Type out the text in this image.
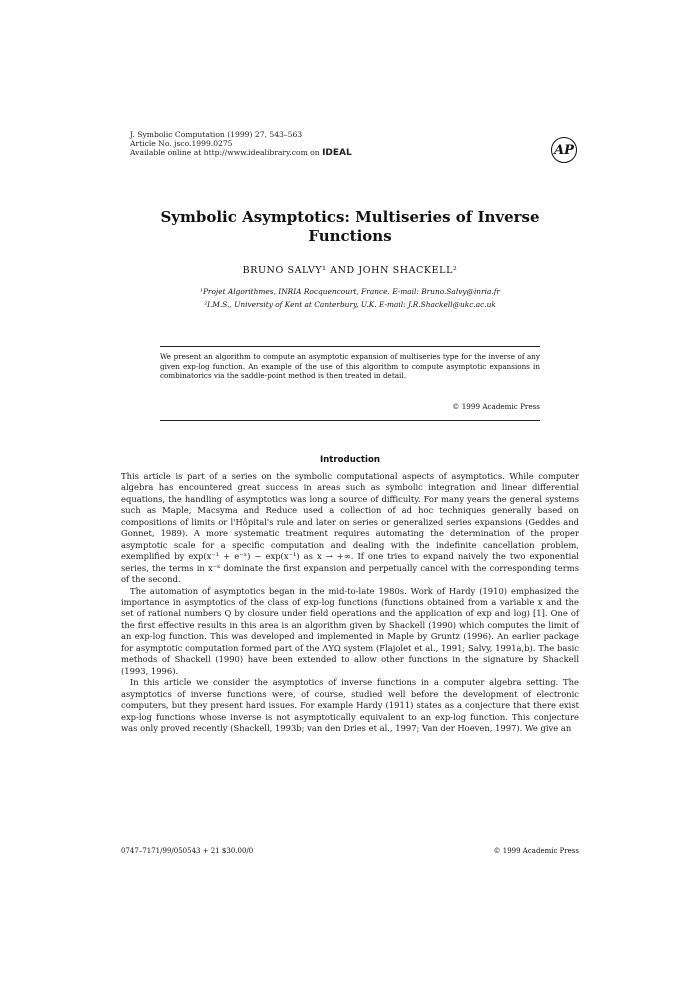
J. Symbolic Computation (1999) 27, 543–563
Article No. jsco.1999.0275
Available online at http://www.idealibrary.com on IDEAL	AP
Symbolic Asymptotics: Multiseries of Inverse Functions
BRUNO SALVY¹ AND JOHN SHACKELL²
¹Projet Algorithmes, INRIA Rocquencourt, France. E-mail: Bruno.Salvy@inria.fr
²I.M.S., University of Kent at Canterbury, U.K. E-mail: J.R.Shackell@ukc.ac.uk
We present an algorithm to compute an asymptotic expansion of multiseries type for the inverse of any given exp-log function. An example of the use of this algorithm to compute asymptotic expansions in combinatorics via the saddle-point method is then treated in detail.
© 1999 Academic Press
Introduction

This article is part of a series on the symbolic computational aspects of asymptotics. While computer algebra has encountered great success in areas such as symbolic integration and linear differential equations, the handling of asymptotics was long a source of difficulty. For many years the general systems such as Maple, Macsyma and Reduce used a collection of ad hoc techniques generally based on compositions of limits or l'Hôpital's rule and later on series or generalized series expansions (Geddes and Gonnet, 1989). A more systematic treatment requires automating the determination of the proper asymptotic scale for a specific computation and dealing with the indefinite cancellation problem, exemplified by exp(x⁻¹ + e⁻ˣ) − exp(x⁻¹) as x → +∞. If one tries to expand naively the two exponential series, the terms in x⁻ᵏ dominate the first expansion and perpetually cancel with the corresponding terms of the second.

The automation of asymptotics began in the mid-to-late 1980s. Work of Hardy (1910) emphasized the importance in asymptotics of the class of exp-log functions (functions obtained from a variable x and the set of rational numbers Q by closure under field operations and the application of exp and log) [1]. One of the first effective results in this area is an algorithm given by Shackell (1990) which computes the limit of an exp-log function. This was developed and implemented in Maple by Gruntz (1996). An earlier package for asymptotic computation formed part of the ΛΥΩ system (Flajolet et al., 1991; Salvy, 1991a,b). The basic methods of Shackell (1990) have been extended to allow other functions in the signature by Shackell (1993, 1996).

In this article we consider the asymptotics of inverse functions in a computer algebra setting. The asymptotics of inverse functions were, of course, studied well before the development of electronic computers, but they present hard issues. For example Hardy (1911) states as a conjecture that there exist exp-log functions whose inverse is not asymptotically equivalent to an exp-log function. This conjecture was only proved recently (Shackell, 1993b; van den Dries et al., 1997; Van der Hoeven, 1997). We give an

0747–7171/99/050543 + 21 $30.00/0	© 1999 Academic Press
